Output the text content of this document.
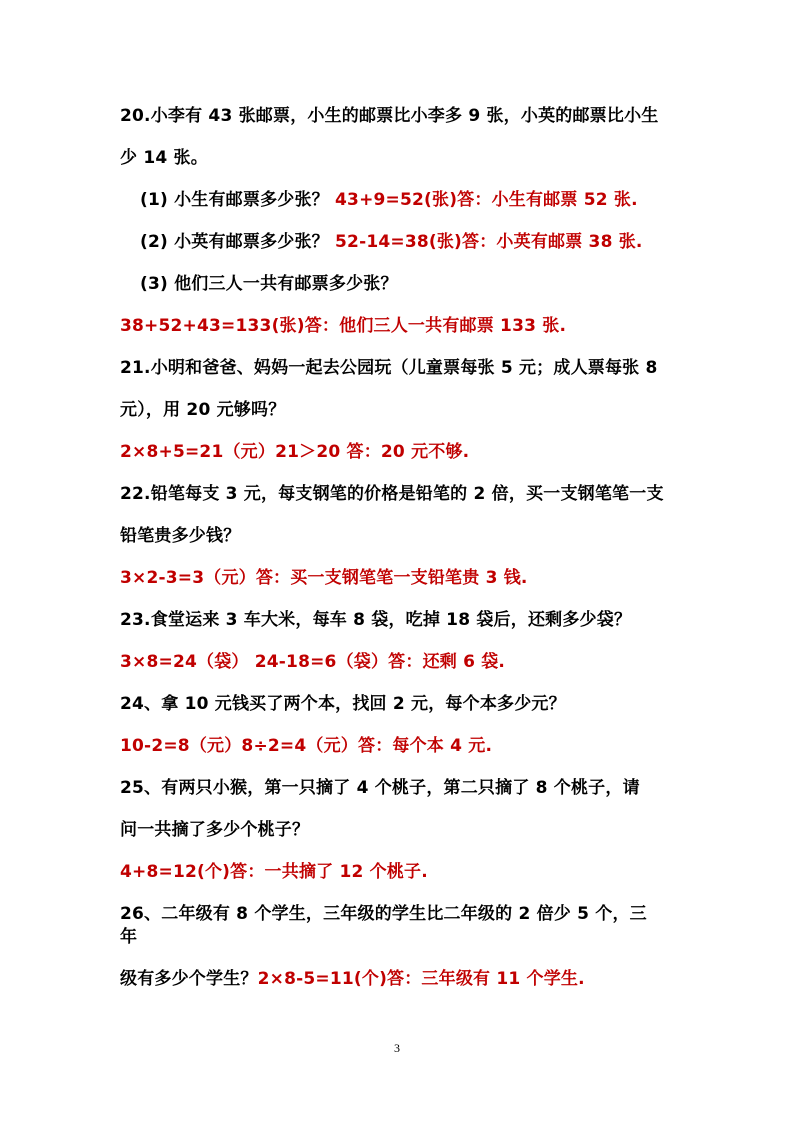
20.小李有 43 张邮票，小生的邮票比小李多 9 张，小英的邮票比小生
少 14 张。
(1) 小生有邮票多少张？ 43+9=52(张)答：小生有邮票 52 张.
(2) 小英有邮票多少张？ 52-14=38(张)答：小英有邮票 38 张.
(3) 他们三人一共有邮票多少张？
38+52+43=133(张)答：他们三人一共有邮票 133 张.
21.小明和爸爸、妈妈一起去公园玩（儿童票每张 5 元；成人票每张 8
元），用 20 元够吗？
2×8+5=21（元）21＞20 答：20 元不够.
22.铅笔每支 3 元，每支钢笔的价格是铅笔的 2 倍，买一支钢笔笔一支
铅笔贵多少钱？
3×2-3=3（元）答：买一支钢笔笔一支铅笔贵 3 钱.
23.食堂运来 3 车大米，每车 8 袋，吃掉 18 袋后，还剩多少袋？
3×8=24（袋） 24-18=6（袋）答：还剩 6 袋.
24、拿 10 元钱买了两个本，找回 2 元，每个本多少元？
10-2=8（元）8÷2=4（元）答：每个本 4 元.
25、有两只小猴，第一只摘了 4 个桃子，第二只摘了 8 个桃子，请
问一共摘了多少个桃子？
4+8=12(个)答：一共摘了 12 个桃子.
26、二年级有 8 个学生，三年级的学生比二年级的 2 倍少 5 个，三
年
级有多少个学生？2×8-5=11(个)答：三年级有 11 个学生.
3
